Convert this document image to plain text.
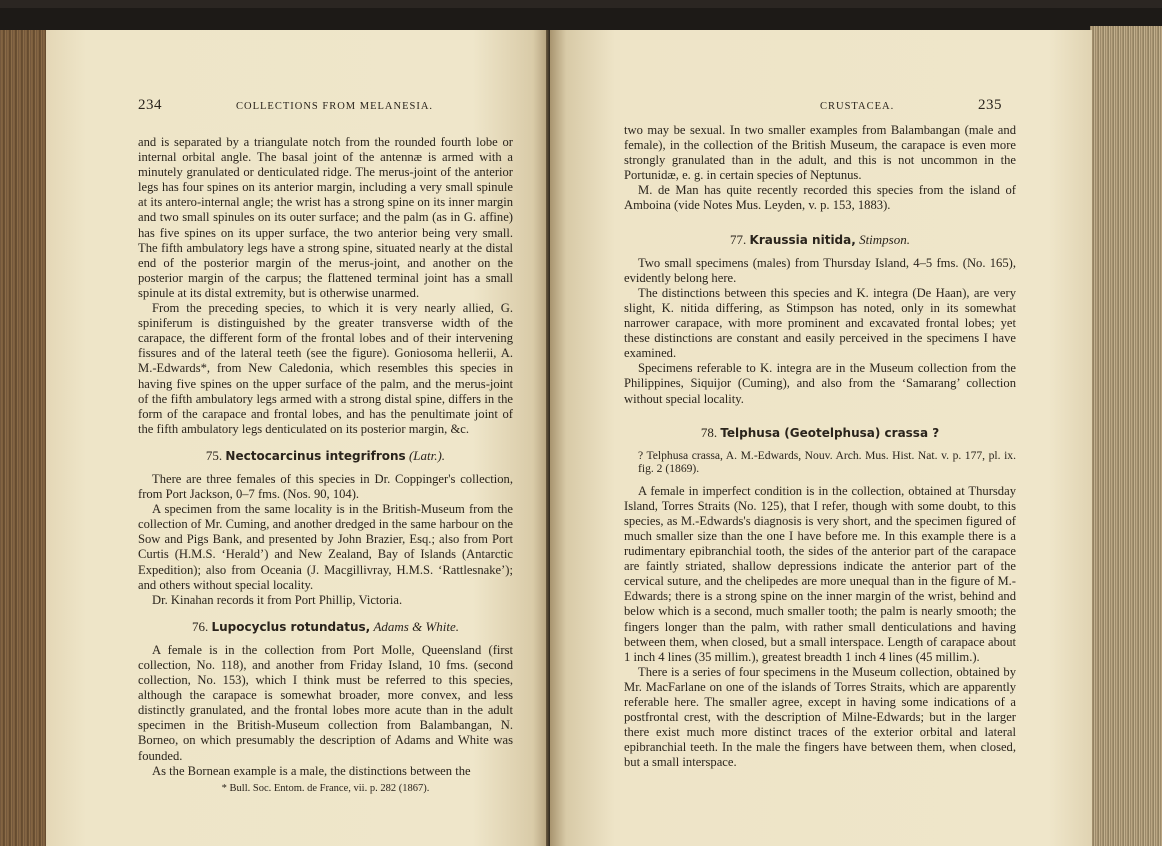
234	COLLECTIONS FROM MELANESIA.

and is separated by a triangulate notch from the rounded fourth lobe or internal orbital angle. The basal joint of the antennæ is armed with a minutely granulated or denticulated ridge. The merus-joint of the anterior legs has four spines on its anterior margin, including a very small spinule at its antero-internal angle; the wrist has a strong spine on its inner margin and two small spinules on its outer surface; and the palm (as in G. affine) has five spines on its upper surface, the two anterior being very small. The fifth ambulatory legs have a strong spine, situated nearly at the distal end of the posterior margin of the merus-joint, and another on the posterior margin of the carpus; the flattened terminal joint has a small spinule at its distal extremity, but is otherwise unarmed.

From the preceding species, to which it is very nearly allied, G. spiniferum is distinguished by the greater transverse width of the carapace, the different form of the frontal lobes and of their intervening fissures and of the lateral teeth (see the figure). Goniosoma hellerii, A. M.-Edwards*, from New Caledonia, which resembles this species in having five spines on the upper surface of the palm, and the merus-joint of the fifth ambulatory legs armed with a strong distal spine, differs in the form of the carapace and frontal lobes, and has the penultimate joint of the fifth ambulatory legs denticulated on its posterior margin, &c.

75. Nectocarcinus integrifrons (Latr.).

There are three females of this species in Dr. Coppinger's collection, from Port Jackson, 0–7 fms. (Nos. 90, 104).

A specimen from the same locality is in the British-Museum from the collection of Mr. Cuming, and another dredged in the same harbour on the Sow and Pigs Bank, and presented by John Brazier, Esq.; also from Port Curtis (H.M.S. ‘Herald’) and New Zealand, Bay of Islands (Antarctic Expedition); also from Oceania (J. Macgillivray, H.M.S. ‘Rattlesnake’); and others without special locality.

Dr. Kinahan records it from Port Phillip, Victoria.

76. Lupocyclus rotundatus, Adams & White.

A female is in the collection from Port Molle, Queensland (first collection, No. 118), and another from Friday Island, 10 fms. (second collection, No. 153), which I think must be referred to this species, although the carapace is somewhat broader, more convex, and less distinctly granulated, and the frontal lobes more acute than in the adult specimen in the British-Museum collection from Balambangan, N. Borneo, on which presumably the description of Adams and White was founded.

As the Bornean example is a male, the distinctions between the

* Bull. Soc. Entom. de France, vii. p. 282 (1867).

CRUSTACEA.	235

two may be sexual. In two smaller examples from Balambangan (male and female), in the collection of the British Museum, the carapace is even more strongly granulated than in the adult, and this is not uncommon in the Portunidæ, e. g. in certain species of Neptunus.

M. de Man has quite recently recorded this species from the island of Amboina (vide Notes Mus. Leyden, v. p. 153, 1883).

77. Kraussia nitida, Stimpson.

Two small specimens (males) from Thursday Island, 4–5 fms. (No. 165), evidently belong here.

The distinctions between this species and K. integra (De Haan), are very slight, K. nitida differing, as Stimpson has noted, only in its somewhat narrower carapace, with more prominent and excavated frontal lobes; yet these distinctions are constant and easily perceived in the specimens I have examined.

Specimens referable to K. integra are in the Museum collection from the Philippines, Siquijor (Cuming), and also from the ‘Samarang’ collection without special locality.

78. Telphusa (Geotelphusa) crassa ?

? Telphusa crassa, A. M.-Edwards, Nouv. Arch. Mus. Hist. Nat. v. p. 177, pl. ix. fig. 2 (1869).

A female in imperfect condition is in the collection, obtained at Thursday Island, Torres Straits (No. 125), that I refer, though with some doubt, to this species, as M.-Edwards's diagnosis is very short, and the specimen figured of much smaller size than the one I have before me. In this example there is a rudimentary epibranchial tooth, the sides of the anterior part of the carapace are faintly striated, shallow depressions indicate the anterior part of the cervical suture, and the chelipedes are more unequal than in the figure of M.-Edwards; there is a strong spine on the inner margin of the wrist, behind and below which is a second, much smaller tooth; the palm is nearly smooth; the fingers longer than the palm, with rather small denticulations and having between them, when closed, but a small interspace. Length of carapace about 1 inch 4 lines (35 millim.), greatest breadth 1 inch 4 lines (45 millim.).

There is a series of four specimens in the Museum collection, obtained by Mr. MacFarlane on one of the islands of Torres Straits, which are apparently referable here. The smaller agree, except in having some indications of a postfrontal crest, with the description of Milne-Edwards; but in the larger there exist much more distinct traces of the exterior orbital and lateral epibranchial teeth. In the male the fingers have between them, when closed, but a small interspace.
